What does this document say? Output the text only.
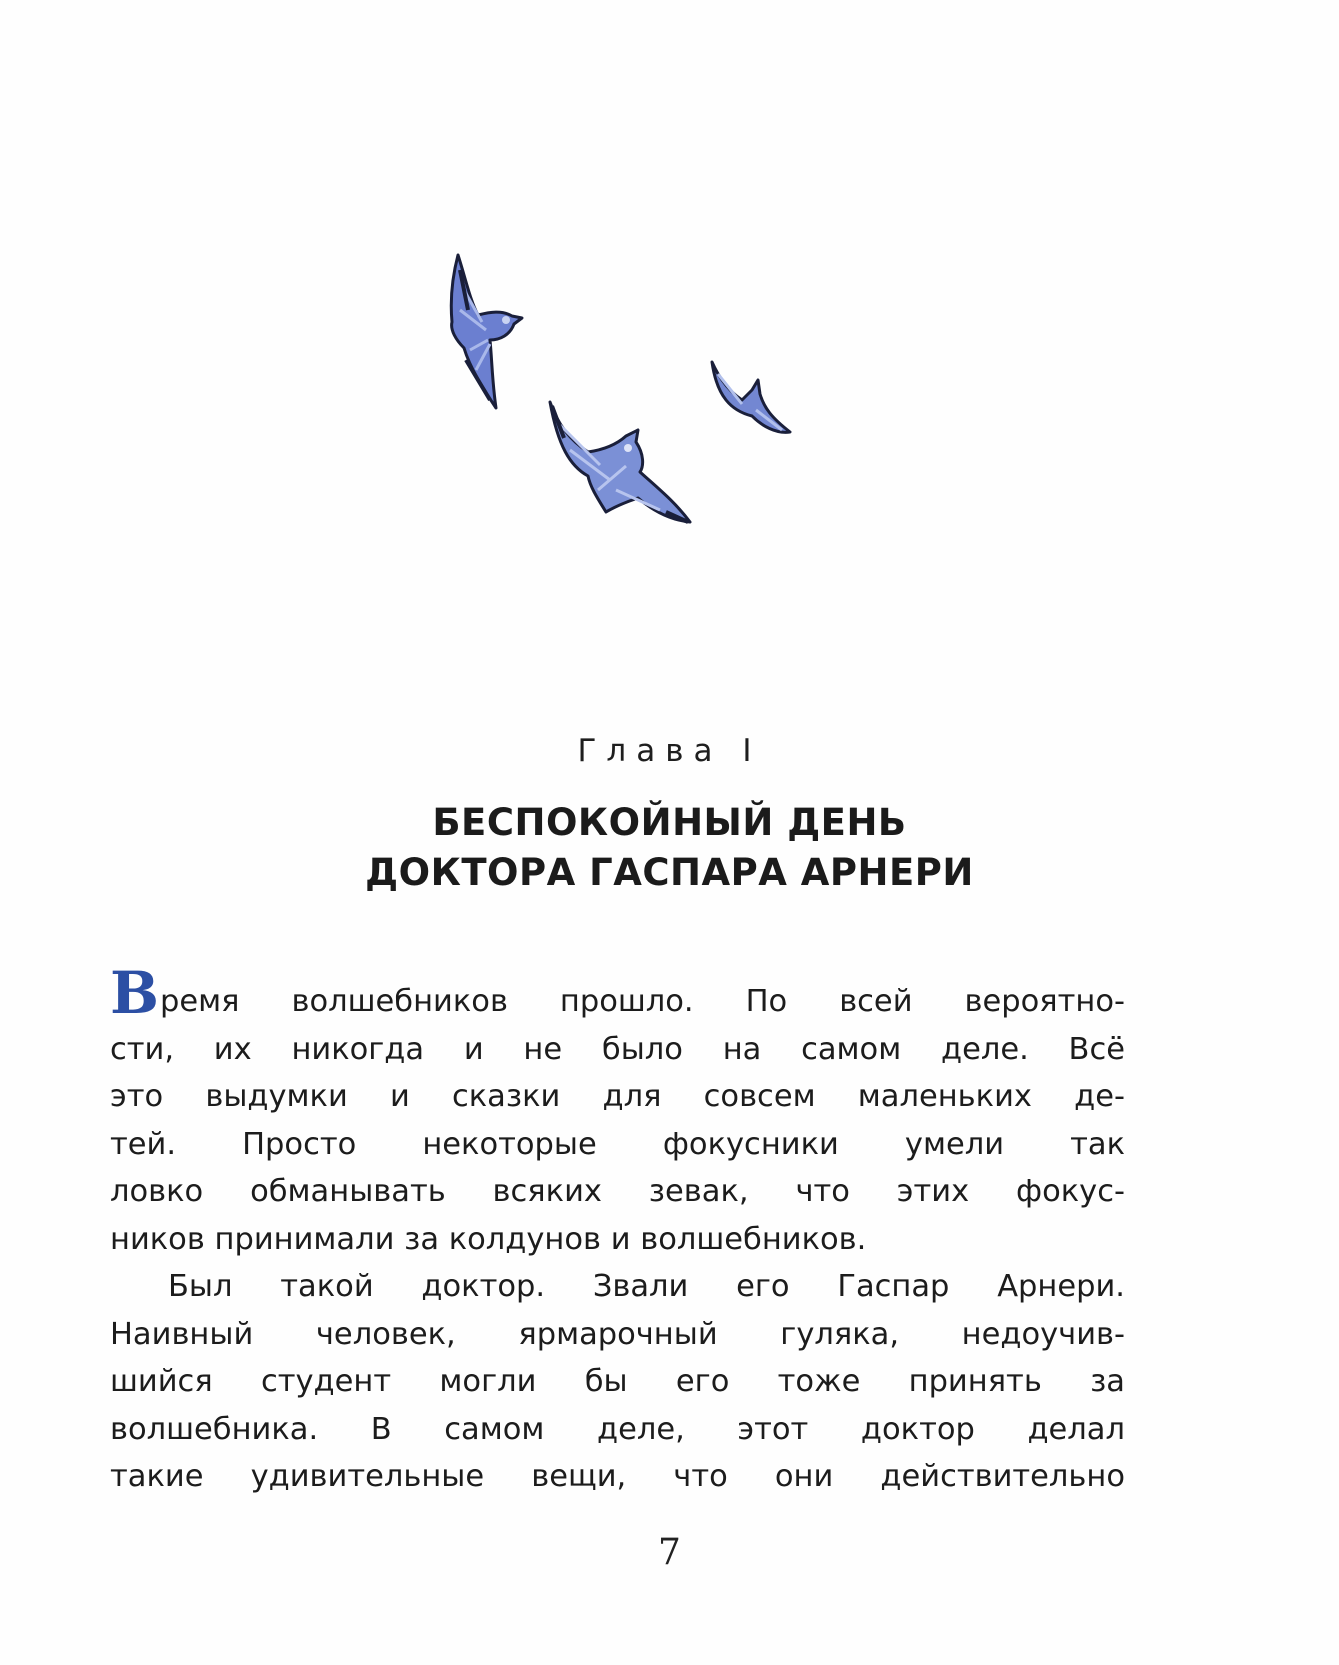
Глава I
БЕСПОКОЙНЫЙ ДЕНЬ
ДОКТОРА ГАСПАРА АРНЕРИ
Время волшебников прошло. По всей вероятно-
сти, их никогда и не было на самом деле. Всё
это выдумки и сказки для совсем маленьких де-
тей. Просто некоторые фокусники умели так
ловко обманывать всяких зевак, что этих фокус-
ников принимали за колдунов и волшебников.
Был такой доктор. Звали его Гаспар Арнери.
Наивный человек, ярмарочный гуляка, недоучив-
шийся студент могли бы его тоже принять за
волшебника. В самом деле, этот доктор делал
такие удивительные вещи, что они действительно
7
